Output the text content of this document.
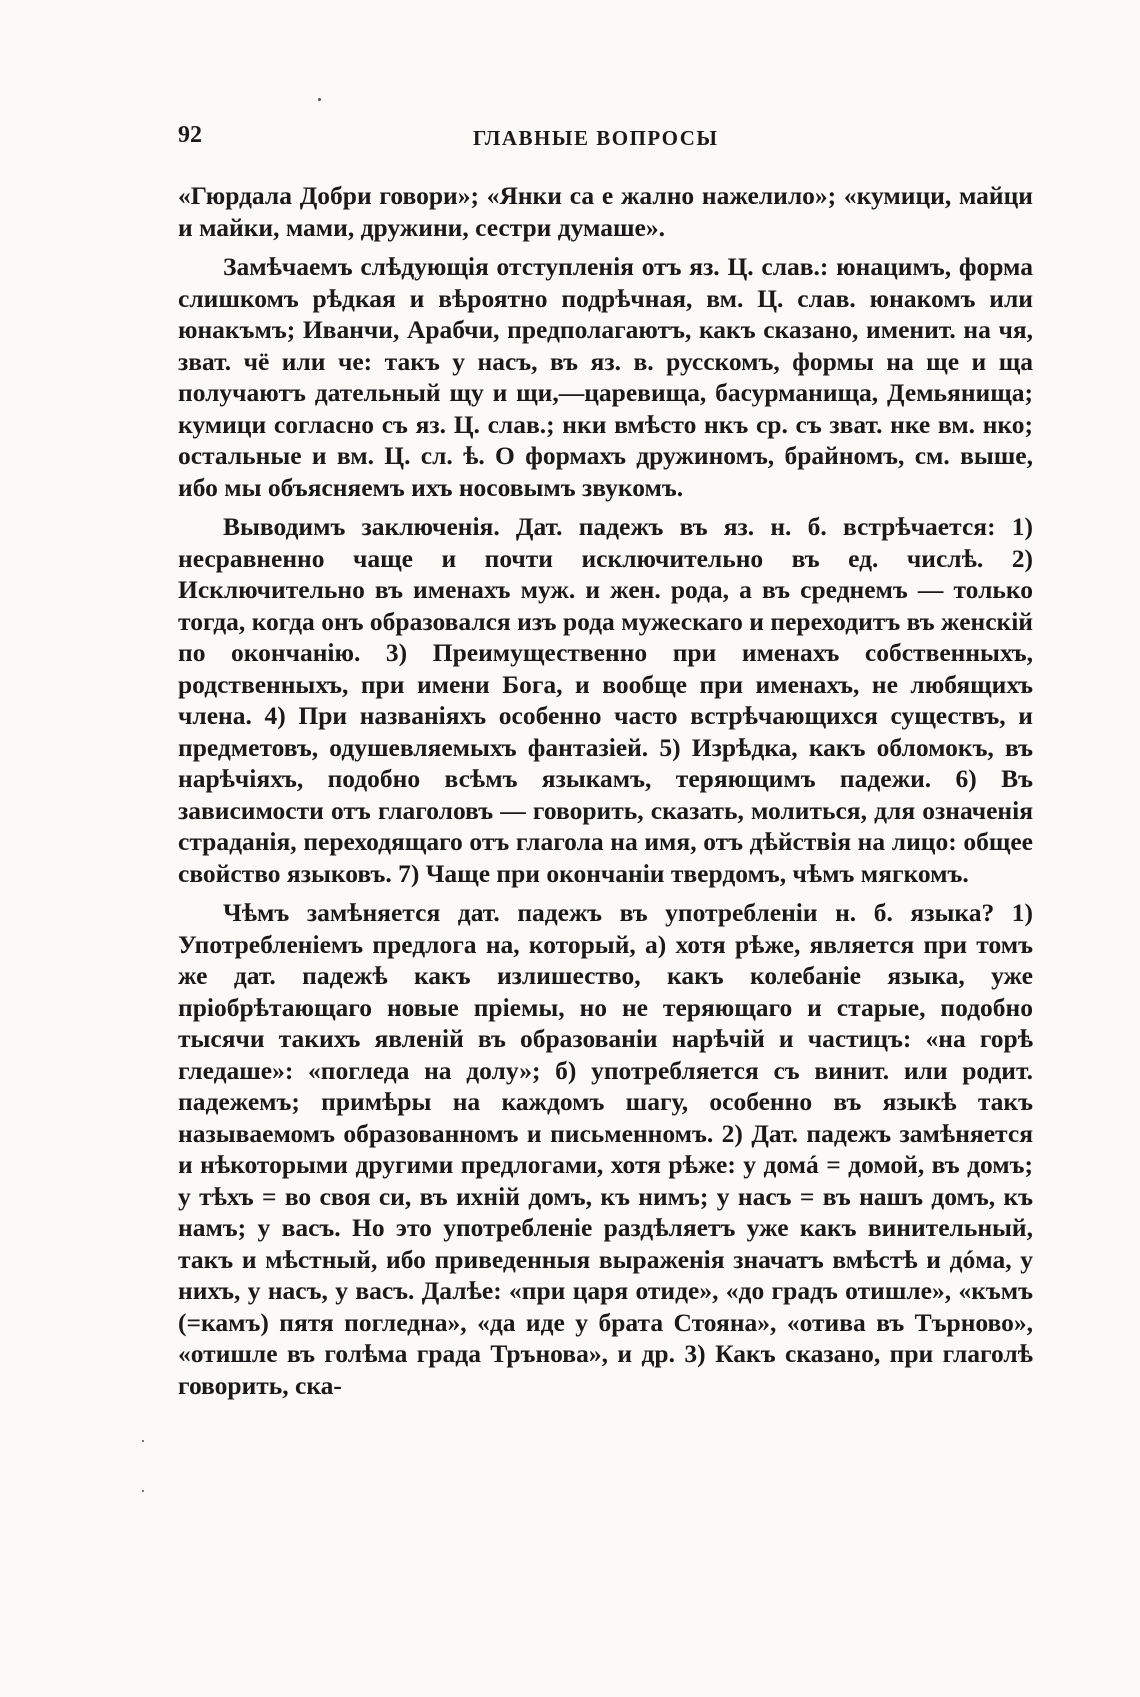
92	ГЛАВНЫЕ ВОПРОСЫ

«Гюрдала Добри говори»; «Янки са е жално нажелило»; «кумици, майци и майки, мами, дружини, сестри думаше».

Замѣчаемъ слѣдующія отступленія отъ яз. Ц. слав.: юнацимъ, форма слишкомъ рѣдкая и вѣроятно подрѣчная, вм. Ц. слав. юнакомъ или юнакъмъ; Иванчи, Арабчи, предполагаютъ, какъ сказано, именит. на чя, зват. чё или че: такъ у насъ, въ яз. в. русскомъ, формы на ще и ща получаютъ дательный щу и щи,—царевища, басурманища, Демьянища; кумици согласно съ яз. Ц. слав.; нки вмѣсто нкъ ср. съ зват. нке вм. нко; остальные и вм. Ц. сл. ѣ. О формахъ дружиномъ, брайномъ, см. выше, ибо мы объясняемъ ихъ носовымъ звукомъ.

Выводимъ заключенія. Дат. падежъ въ яз. н. б. встрѣчается: 1) несравненно чаще и почти исключительно въ ед. числѣ. 2) Исключительно въ именахъ муж. и жен. рода, а въ среднемъ — только тогда, когда онъ образовался изъ рода мужескаго и переходитъ въ женскій по окончанію. 3) Преимущественно при именахъ собственныхъ, родственныхъ, при имени Бога, и вообще при именахъ, не любящихъ члена. 4) При названіяхъ особенно часто встрѣчающихся существъ, и предметовъ, одушевляемыхъ фантазіей. 5) Изрѣдка, какъ обломокъ, въ нарѣчіяхъ, подобно всѣмъ языкамъ, теряющимъ падежи. 6) Въ зависимости отъ глаголовъ — говорить, сказать, молиться, для означенія страданія, переходящаго отъ глагола на имя, отъ дѣйствія на лицо: общее свойство языковъ. 7) Чаще при окончаніи твердомъ, чѣмъ мягкомъ.

Чѣмъ замѣняется дат. падежъ въ употребленіи н. б. языка? 1) Употребленіемъ предлога на, который, а) хотя рѣже, является при томъ же дат. падежѣ какъ излишество, какъ колебаніе языка, уже пріобрѣтающаго новые пріемы, но не теряющаго и старые, подобно тысячи такихъ явленій въ образованіи нарѣчій и частицъ: «на горѣ гледаше»: «погледа на долу»; б) употребляется съ винит. или родит. падежемъ; примѣры на каждомъ шагу, особенно въ языкѣ такъ называемомъ образованномъ и письменномъ. 2) Дат. падежъ замѣняется и нѣкоторыми другими предлогами, хотя рѣже: у домá = домой, въ домъ; у тѣхъ = во своя си, въ ихній домъ, къ нимъ; у насъ = въ нашъ домъ, къ намъ; у васъ. Но это употребленіе раздѣляетъ уже какъ винительный, такъ и мѣстный, ибо приведенныя выраженія значатъ вмѣстѣ и дóма, у нихъ, у насъ, у васъ. Далѣе: «при царя отиде», «до градъ отишле», «къмъ (=камъ) пятя погледна», «да иде у брата Стояна», «отива въ Търново», «отишле въ голѣма града Трънова», и др. 3) Какъ сказано, при глаголѣ говорить, ска-
